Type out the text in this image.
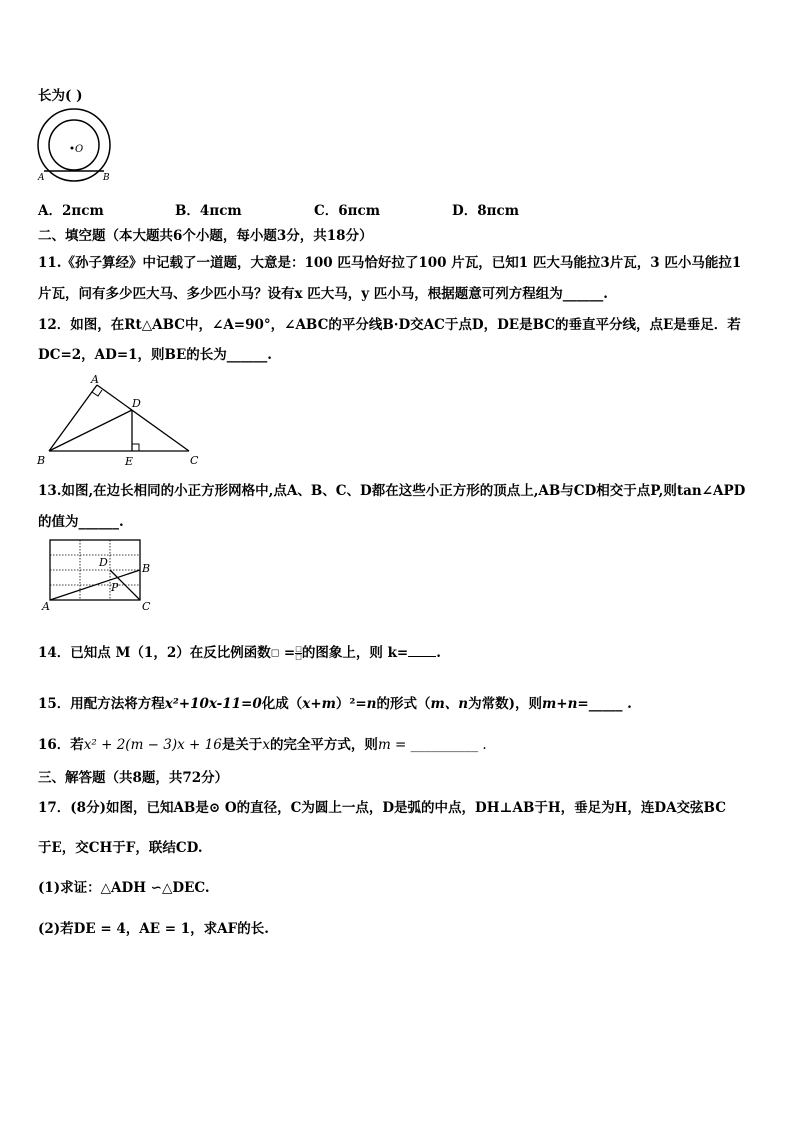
长为( )
O
A	B
A．2πcm	B．4πcm	C．6πcm	D．8πcm
二、填空题（本大题共6个小题，每小题3分，共18分）
11.《孙子算经》中记载了一道题，大意是：100 匹马恰好拉了100 片瓦，已知1 匹大马能拉3片瓦，3 匹小马能拉1
片瓦，问有多少匹大马、多少匹小马？设有x 匹大马，y 匹小马，根据题意可列方程组为______.
12．如图，在Rt△ABC中，∠A=90°，∠ABC的平分线B·D交AC于点D，DE是BC的垂直平分线，点E是垂足．若
DC=2，AD=1，则BE的长为______.
A
D
B	E	C
13.如图,在边长相同的小正方形网格中,点A、B、C、D都在这些小正方形的顶点上,AB与CD相交于点P,则tan∠APD
的值为______.
D	B
P
A	C
14．已知点 M（1，2）在反比例函数□ = □
□ 的图象上，则 k= .
15．用配方法将方程x²+10x-11=0化成（x+m）²=n的形式（m、n为常数)，则m+n=_____ .
16．若x² + 2(m − 3)x + 16是关于x的完全平方式，则m = __________ .
三、解答题（共8题，共72分）
17．(8分)如图，已知AB是⊙ O的直径，C为圆上一点，D是弧的中点，DH⊥AB于H，垂足为H，连DA交弦BC
于E，交CH于F，联结CD.
(1)求证：△ADH ∽△DEC.
(2)若DE = 4，AE = 1，求AF的长.
